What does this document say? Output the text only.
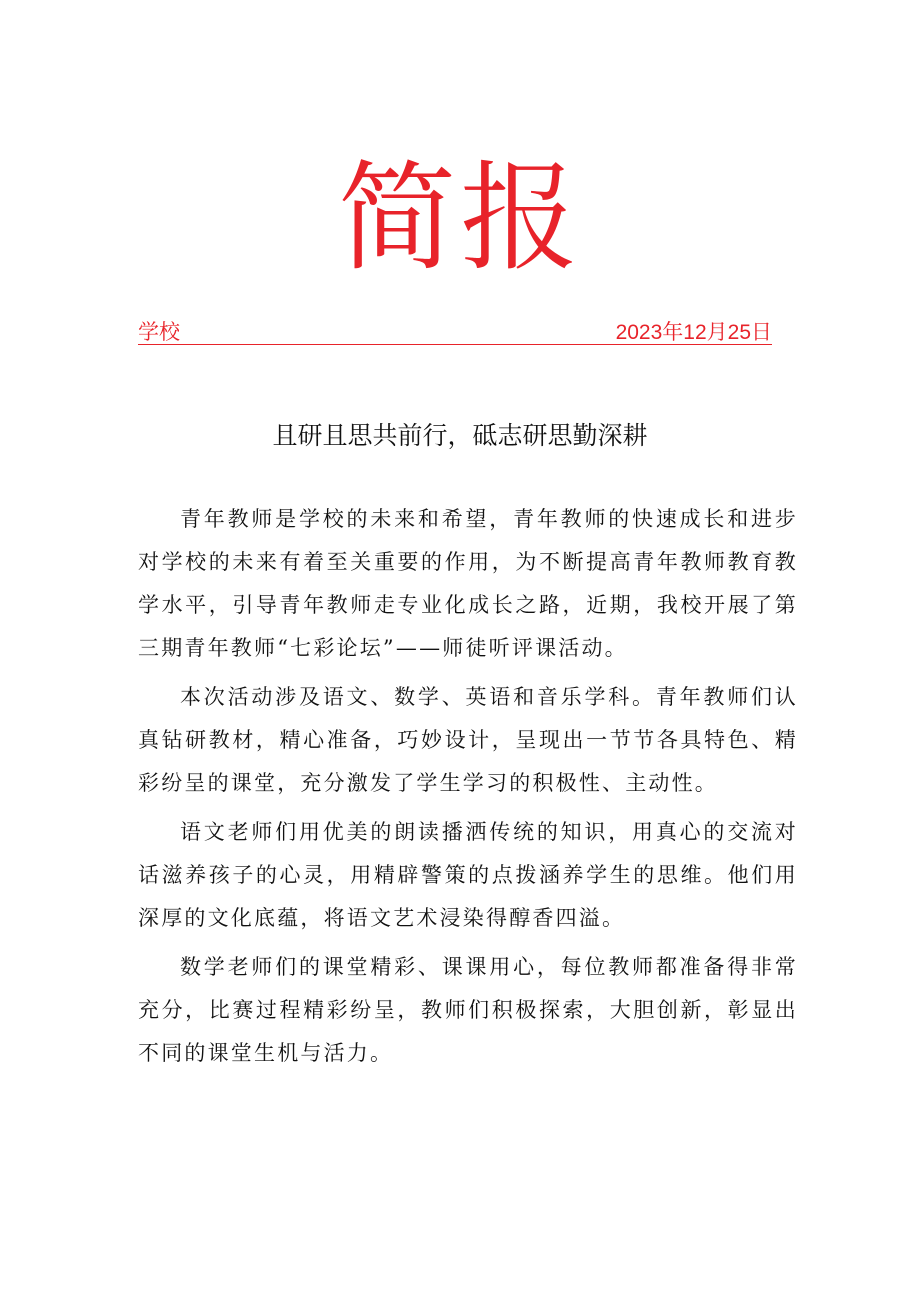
简报
学校	2023年12月25日
且研且思共前行，砥志研思勤深耕

青年教师是学校的未来和希望，青年教师的快速成长和进步对学校的未来有着至关重要的作用，为不断提高青年教师教育教学水平，引导青年教师走专业化成长之路，近期，我校开展了第三期青年教师“七彩论坛”——师徒听评课活动。

本次活动涉及语文、数学、英语和音乐学科。青年教师们认真钻研教材，精心准备，巧妙设计，呈现出一节节各具特色、精彩纷呈的课堂，充分激发了学生学习的积极性、主动性。

语文老师们用优美的朗读播洒传统的知识，用真心的交流对话滋养孩子的心灵，用精辟警策的点拨涵养学生的思维。他们用深厚的文化底蕴，将语文艺术浸染得醇香四溢。

数学老师们的课堂精彩、课课用心，每位教师都准备得非常充分，比赛过程精彩纷呈，教师们积极探索，大胆创新，彰显出不同的课堂生机与活力。
